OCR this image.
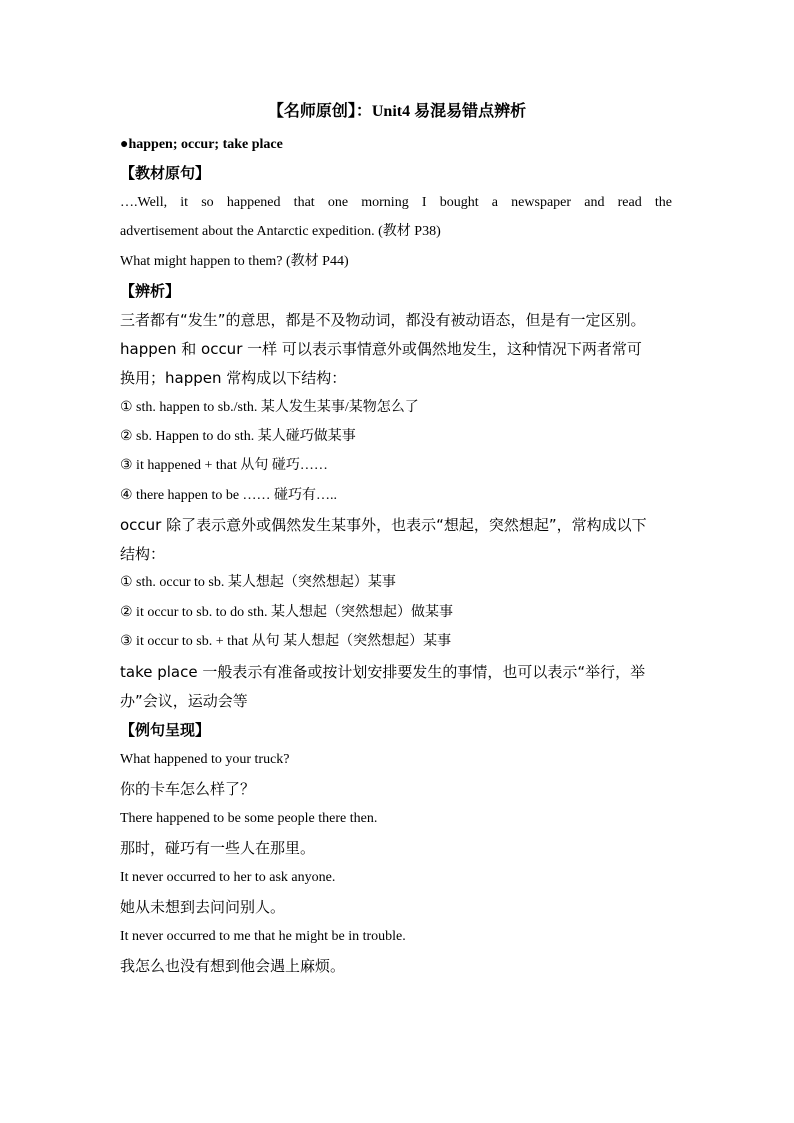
【名师原创】：Unit4 易混易错点辨析
●happen; occur; take place
【教材原句】
….Well, it so happened that one morning I bought a newspaper and read the
advertisement about the Antarctic expedition. (教材 P38)
What might happen to them? (教材 P44)
【辨析】
三者都有“发生”的意思，都是不及物动词，都没有被动语态，但是有一定区别。
happen 和 occur 一样 可以表示事情意外或偶然地发生，这种情况下两者常可
换用；happen 常构成以下结构：
① sth. happen to sb./sth. 某人发生某事/某物怎么了
② sb. Happen to do sth. 某人碰巧做某事
③ it happened + that 从句 碰巧……
④ there happen to be …… 碰巧有…..
occur 除了表示意外或偶然发生某事外，也表示“想起，突然想起”，常构成以下
结构：
① sth. occur to sb. 某人想起（突然想起）某事
② it occur to sb. to do sth. 某人想起（突然想起）做某事
③ it occur to sb. + that 从句 某人想起（突然想起）某事
take place 一般表示有准备或按计划安排要发生的事情，也可以表示“举行，举
办”会议，运动会等
【例句呈现】
What happened to your truck?
你的卡车怎么样了？
There happened to be some people there then.
那时，碰巧有一些人在那里。
It never occurred to her to ask anyone.
她从未想到去问问别人。
It never occurred to me that he might be in trouble.
我怎么也没有想到他会遇上麻烦。
